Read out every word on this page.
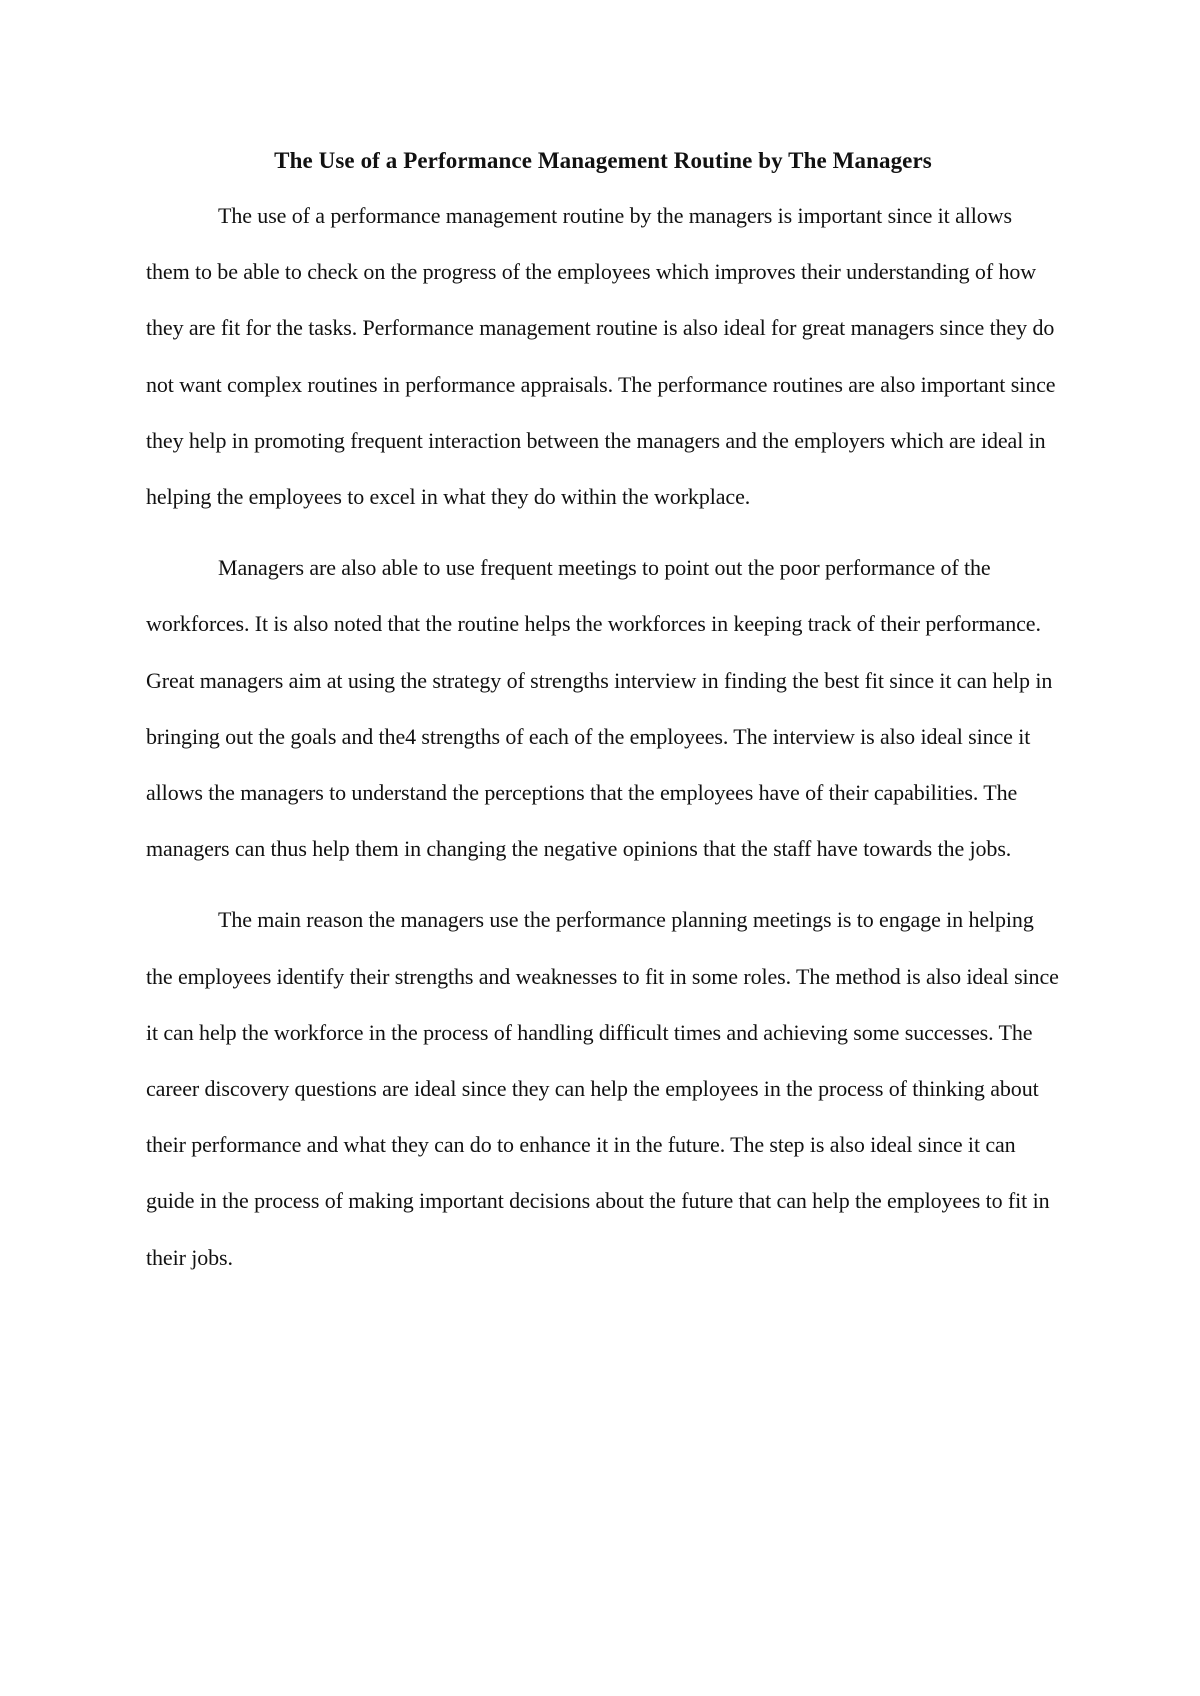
The Use of a Performance Management Routine by The Managers

The use of a performance management routine by the managers is important since it allows them to be able to check on the progress of the employees which improves their understanding of how they are fit for the tasks. Performance management routine is also ideal for great managers since they do not want complex routines in performance appraisals. The performance routines are also important since they help in promoting frequent interaction between the managers and the employers which are ideal in helping the employees to excel in what they do within the workplace.

Managers are also able to use frequent meetings to point out the poor performance of the workforces. It is also noted that the routine helps the workforces in keeping track of their performance. Great managers aim at using the strategy of strengths interview in finding the best fit since it can help in bringing out the goals and the4 strengths of each of the employees. The interview is also ideal since it allows the managers to understand the perceptions that the employees have of their capabilities. The managers can thus help them in changing the negative opinions that the staff have towards the jobs.

The main reason the managers use the performance planning meetings is to engage in helping the employees identify their strengths and weaknesses to fit in some roles. The method is also ideal since it can help the workforce in the process of handling difficult times and achieving some successes. The career discovery questions are ideal since they can help the employees in the process of thinking about their performance and what they can do to enhance it in the future. The step is also ideal since it can guide in the process of making important decisions about the future that can help the employees to fit in their jobs.
